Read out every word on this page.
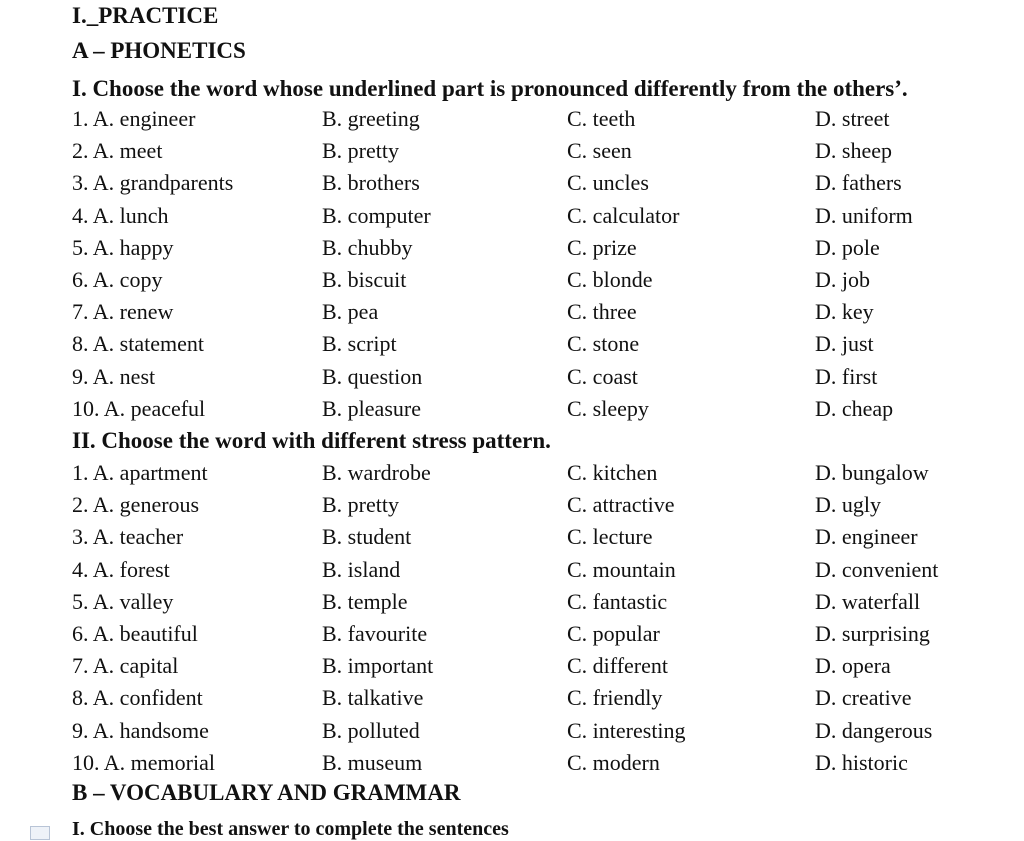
I._PRACTICE
A – PHONETICS
I. Choose the word whose underlined part is pronounced differently from the others’.
1. A. engineer	B. greeting	C. teeth	D. street
2. A. meet	B. pretty	C. seen	D. sheep
3. A. grandparents	B. brothers	C. uncles	D. fathers
4. A. lunch	B. computer	C. calculator	D. uniform
5. A. happy	B. chubby	C. prize	D. pole
6. A. copy	B. biscuit	C. blonde	D. job
7. A. renew	B. pea	C. three	D. key
8. A. statement	B. script	C. stone	D. just
9. A. nest	B. question	C. coast	D. first
10. A. peaceful	B. pleasure	C. sleepy	D. cheap
II. Choose the word with different stress pattern.
1. A. apartment	B. wardrobe	C. kitchen	D. bungalow
2. A. generous	B. pretty	C. attractive	D. ugly
3. A. teacher	B. student	C. lecture	D. engineer
4. A. forest	B. island	C. mountain	D. convenient
5. A. valley	B. temple	C. fantastic	D. waterfall
6. A. beautiful	B. favourite	C. popular	D. surprising
7. A. capital	B. important	C. different	D. opera
8. A. confident	B. talkative	C. friendly	D. creative
9. A. handsome	B. polluted	C. interesting	D. dangerous
10. A. memorial	B. museum	C. modern	D. historic
B – VOCABULARY AND GRAMMAR
I. Choose the best answer to complete the sentences
